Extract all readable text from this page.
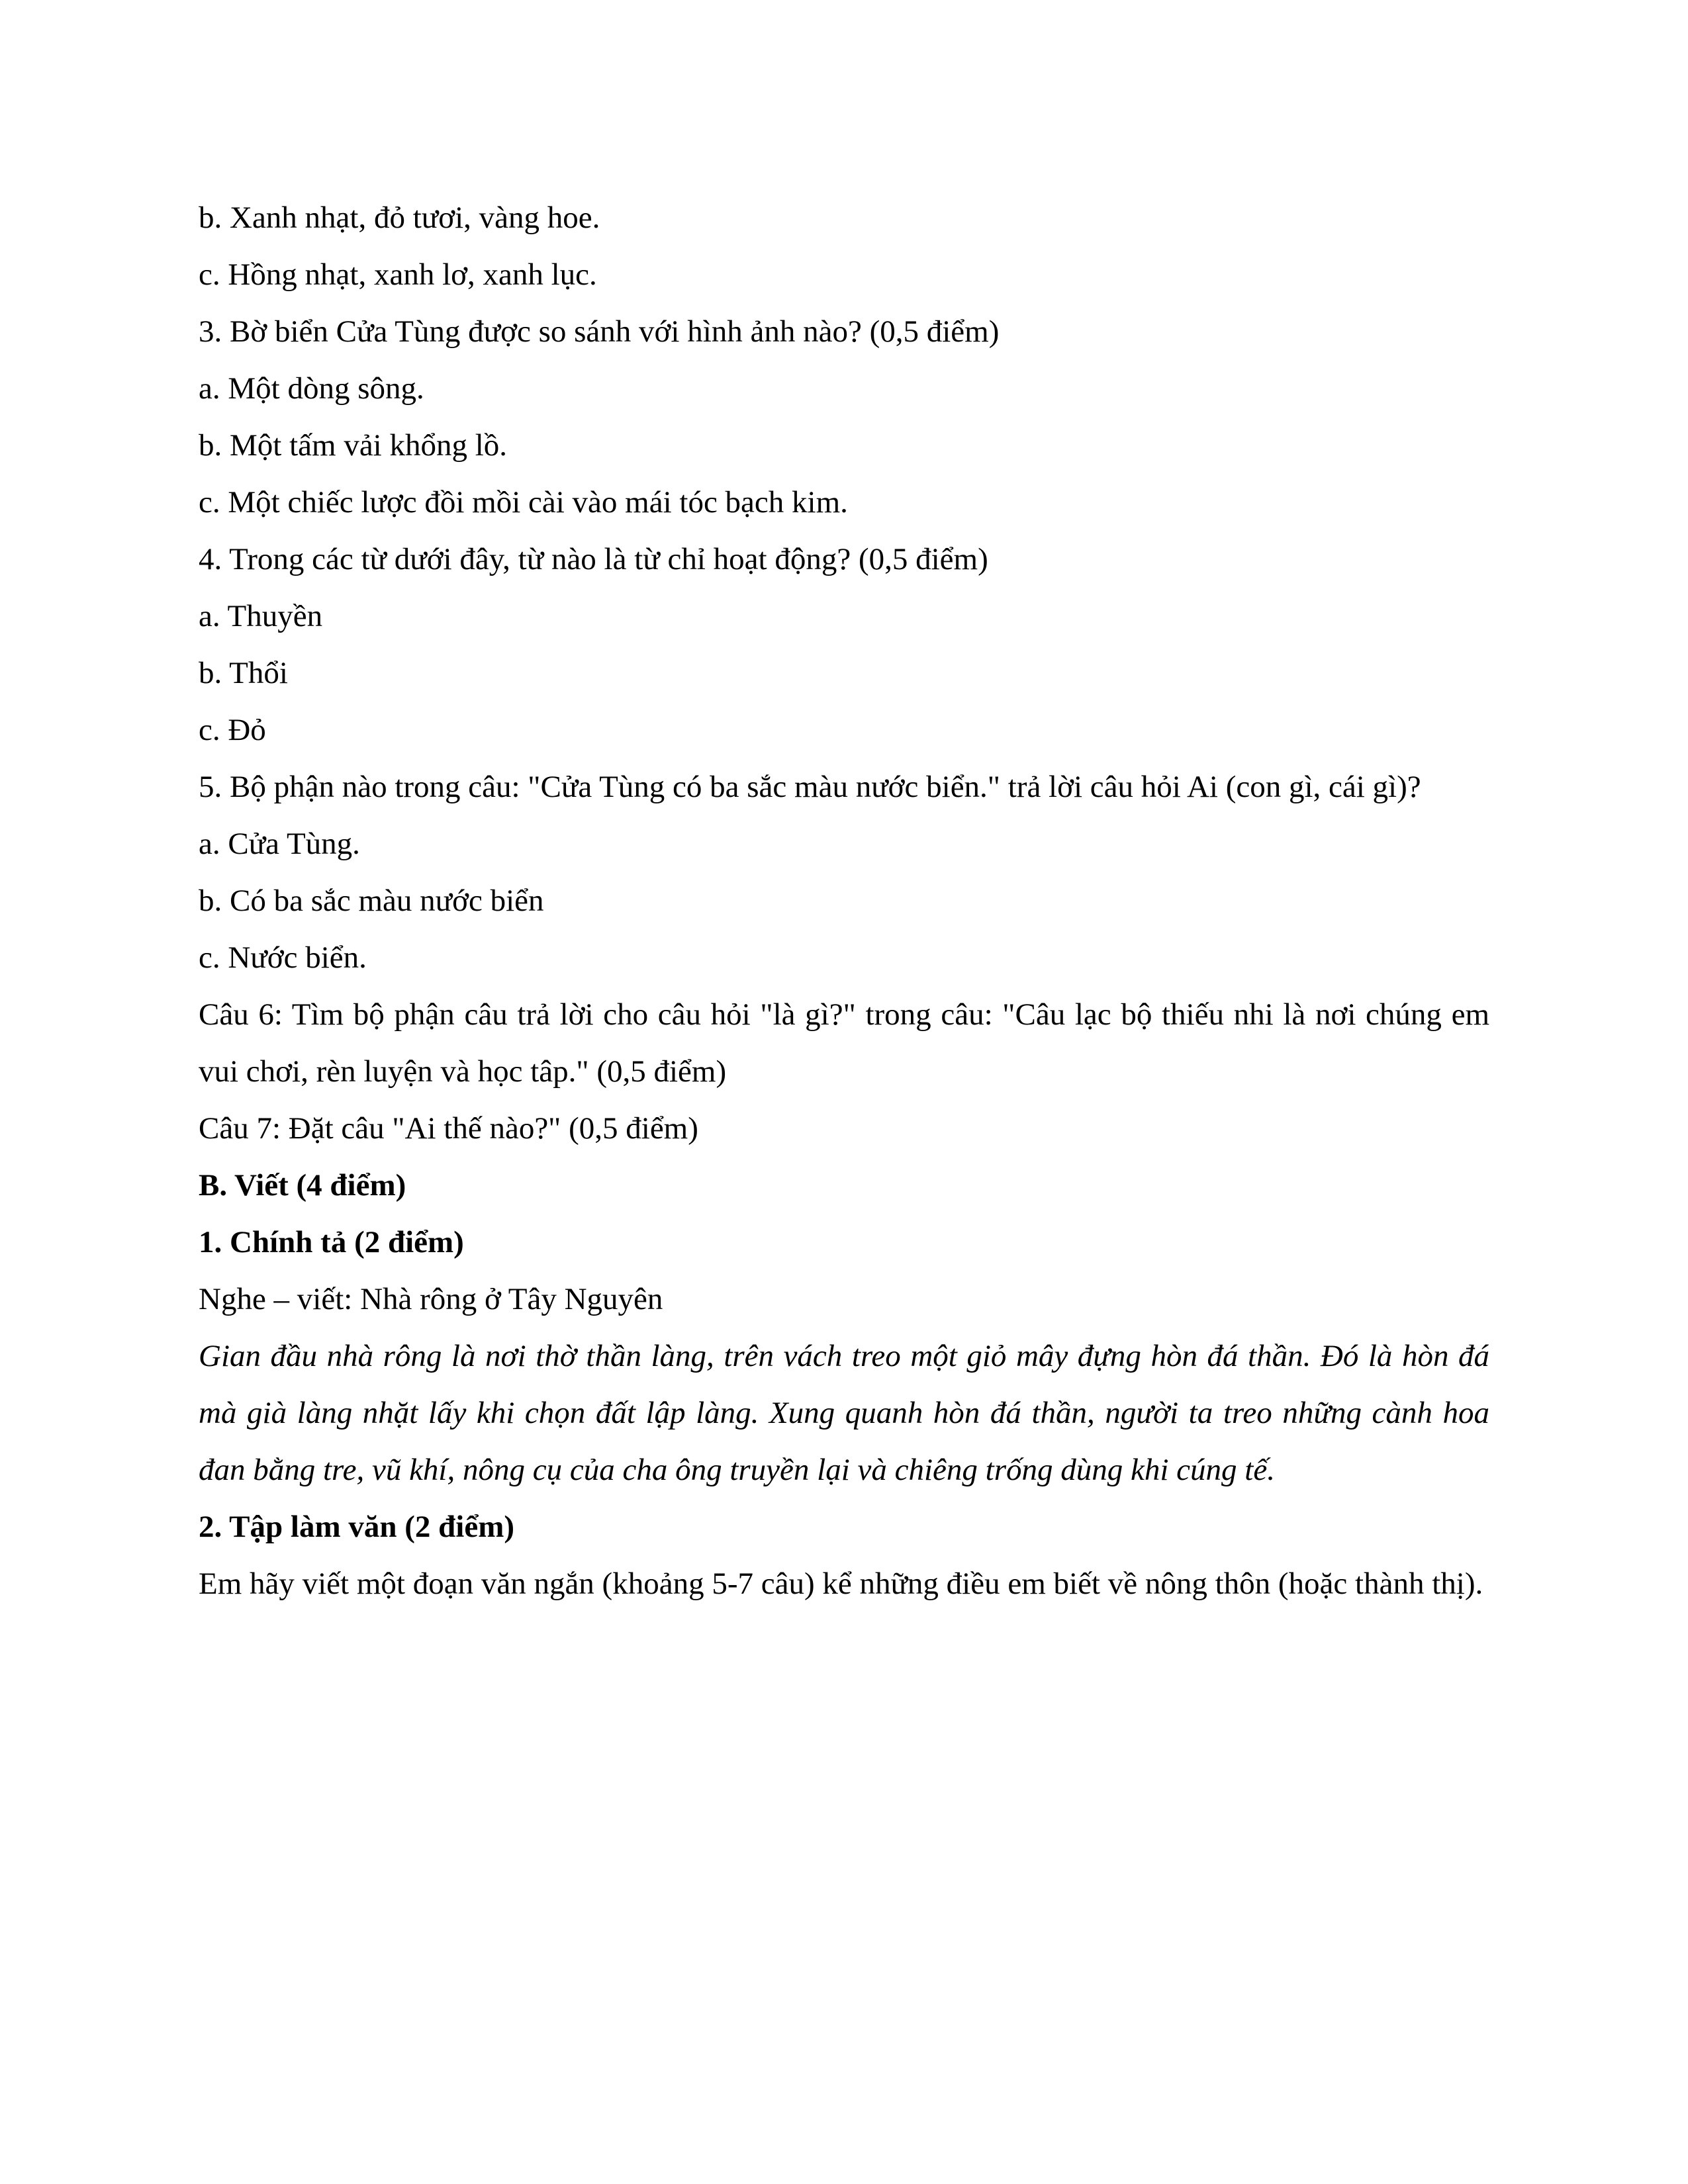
b. Xanh nhạt, đỏ tươi, vàng hoe.

c. Hồng nhạt, xanh lơ, xanh lục.

3. Bờ biển Cửa Tùng được so sánh với hình ảnh nào? (0,5 điểm)

a. Một dòng sông.

b. Một tấm vải khổng lồ.

c. Một chiếc lược đồi mồi cài vào mái tóc bạch kim.

4. Trong các từ dưới đây, từ nào là từ chỉ hoạt động? (0,5 điểm)

a. Thuyền

b. Thổi

c. Đỏ

5. Bộ phận nào trong câu: "Cửa Tùng có ba sắc màu nước biển." trả lời câu hỏi Ai (con gì, cái gì)?

a. Cửa Tùng.

b. Có ba sắc màu nước biển

c. Nước biển.

Câu 6: Tìm bộ phận câu trả lời cho câu hỏi "là gì?" trong câu: "Câu lạc bộ thiếu nhi là nơi chúng em vui chơi, rèn luyện và học tâp." (0,5 điểm)

Câu 7: Đặt câu "Ai thế nào?" (0,5 điểm)

B. Viết (4 điểm)

1. Chính tả (2 điểm)

Nghe – viết: Nhà rông ở Tây Nguyên

Gian đầu nhà rông là nơi thờ thần làng, trên vách treo một giỏ mây đựng hòn đá thần. Đó là hòn đá mà già làng nhặt lấy khi chọn đất lập làng. Xung quanh hòn đá thần, người ta treo những cành hoa đan bằng tre, vũ khí, nông cụ của cha ông truyền lại và chiêng trống dùng khi cúng tế.

2. Tập làm văn (2 điểm)

Em hãy viết một đoạn văn ngắn (khoảng 5-7 câu) kể những điều em biết về nông thôn (hoặc thành thị).
